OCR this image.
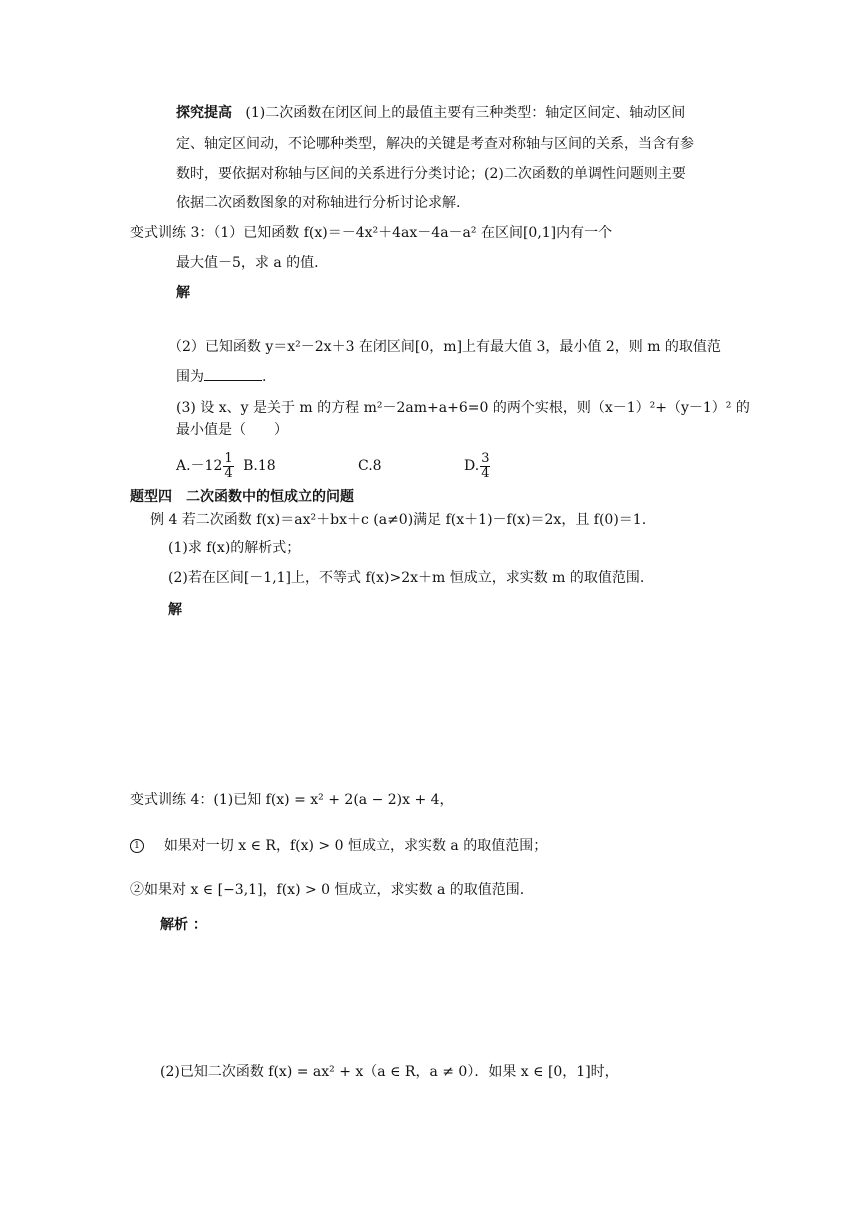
探究提高 (1)二次函数在闭区间上的最值主要有三种类型：轴定区间定、轴动区间
定、轴定区间动，不论哪种类型，解决的关键是考查对称轴与区间的关系，当含有参
数时，要依据对称轴与区间的关系进行分类讨论；(2)二次函数的单调性问题则主要
依据二次函数图象的对称轴进行分析讨论求解.
变式训练 3：（1）已知函数 f(x)＝－4x²＋4ax－4a－a² 在区间[0,1]内有一个
最大值－5，求 a 的值.
解
（2）已知函数 y＝x²－2x＋3 在闭区间[0，m]上有最大值 3，最小值 2，则 m 的取值范
围为	.
(3) 设 x、y 是关于 m 的方程 m²－2am+a+6=0 的两个实根，则（x－1）²+（y－1）² 的
最小值是（　　）
$A.-12 \frac{1}{4} B.18$	C.8	D. $\frac{3}{4}$
题型四　二次函数中的恒成立的问题
例 4 若二次函数 f(x)＝ax²＋bx＋c (a≠0)满足 f(x＋1)－f(x)＝2x，且 f(0)＝1.
(1)求 f(x)的解析式；
(2)若在区间[－1,1]上，不等式 f(x)>2x＋m 恒成立，求实数 m 的取值范围.
解
变式训练 4：(1)已知 f(x) = x² + 2(a − 2)x + 4，
1 如果对一切 x ∈ R，f(x) > 0 恒成立，求实数 a 的取值范围；
②如果对 x ∈ [−3,1]，f(x) > 0 恒成立，求实数 a 的取值范围.
解析 ：
(2)已知二次函数 f(x) = ax² + x（a ∈ R，a ≠ 0）．如果 x ∈ [0，1]时，
